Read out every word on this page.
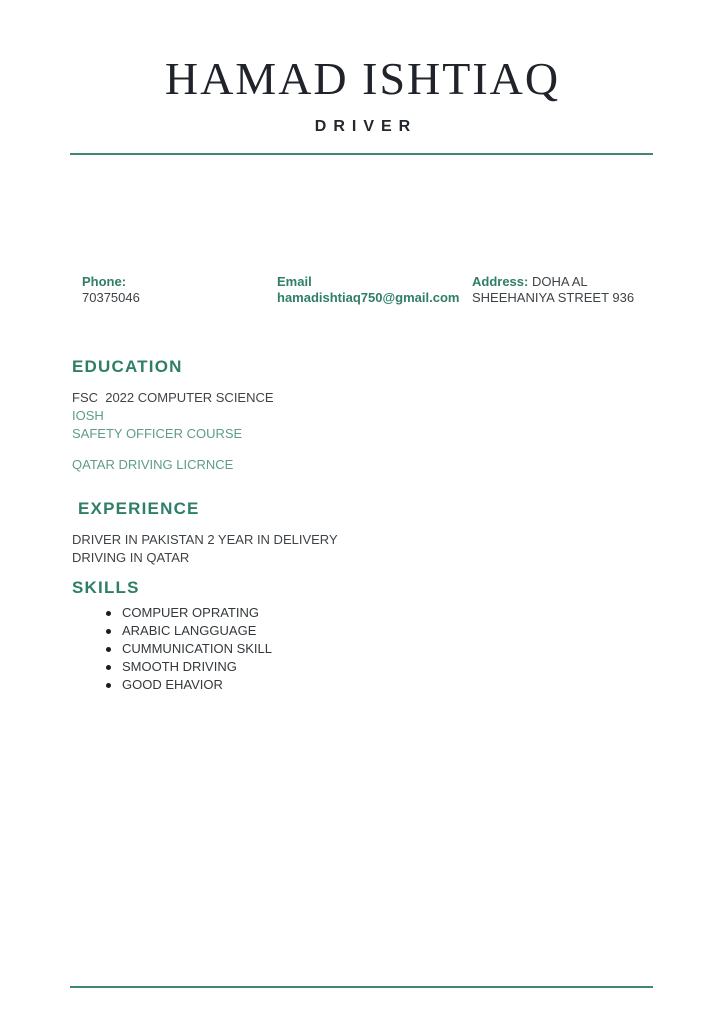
HAMAD ISHTIAQ
DRIVER
Phone:
70375046
Email
hamadishtiaq750@gmail.com
Address: DOHA AL SHEEHANIYA STREET 936
EDUCATION

FSC  2022 COMPUTER SCIENCE

IOSH

SAFETY OFFICER COURSE

QATAR DRIVING LICRNCE

EXPERIENCE

DRIVER IN PAKISTAN 2 YEAR IN DELIVERY

DRIVING IN QATAR

SKILLS
COMPUER OPRATING
ARABIC LANGGUAGE
CUMMUNICATION SKILL
SMOOTH DRIVING
GOOD EHAVIOR
